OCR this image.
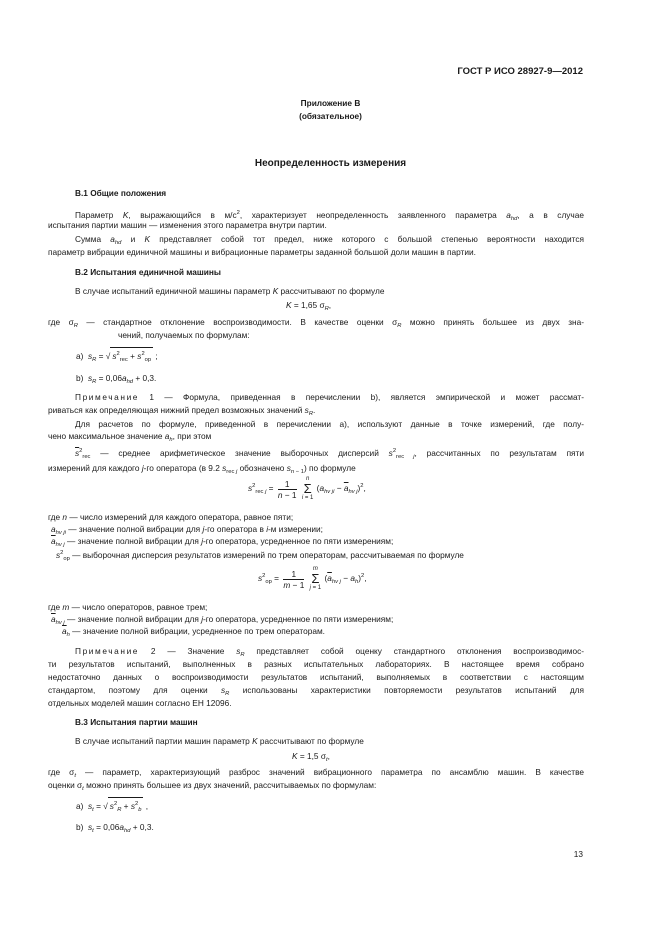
ГОСТ Р ИСО 28927-9—2012
Приложение В
(обязательное)
Неопределенность измерения
В.1 Общие положения
Параметр K, выражающийся в $м/с^2$, характеризует неопределенность заявленного параметра $a_{hd}$, а в случае
испытания партии машин — изменения этого параметра внутри партии.
Сумма $a_{hd}$ и K представляет собой тот предел, ниже которого с большой степенью вероятности находится
параметр вибрации единичной машины и вибрационные параметры заданной большой доли машин в партии.
В.2 Испытания единичной машины
В случае испытаний единичной машины параметр K рассчитывают по формуле
K = 1,65 $\sigma_R$,
где $\sigma_R$ — стандартное отклонение воспроизводимости. В качестве оценки $\sigma_R$ можно принять большее из двух зна-
чений, получаемых по формулам:
а)  $s_R$ = √ $s^2_{rec} + s^2_{op}$ ;
b)  $s_R = 0,06a_{hd} + 0,3$.
Примечание 1 — Формула, приведенная в перечислении b), является эмпирической и может рассмат-
риваться как определяющая нижний предел возможных значений $s_R$.
Для расчетов по формуле, приведенной в перечислении а), используют данные в точке измерений, где полу-
чено максимальное значение $a_h$, при этом
$\overline{s}^2_{rec}$ — среднее арифметическое значение выборочных дисперсий $s^2_{rec j}$, рассчитанных по результатам пяти
измерений для каждого j-го оператора (в 9.2 $s_{rec j}$ обозначено $s_{n - 1}$) по формуле
$s^2_{rec j} = \frac{1}{n - 1}$ n
Σ
i = 1 $(a_{hv ji} - \overline{a}_{hv j})^2$,
где n — число измерений для каждого оператора, равное пяти;
$a_{hv ji}$ — значение полной вибрации для j-го оператора в i-м измерении;
$\overline{a}_{hv j}$ — значение полной вибрации для j-го оператора, усредненное по пяти измерениям;
$s^2_{op}$ — выборочная дисперсия результатов измерений по трем операторам, рассчитываемая по формуле
$s^2_{op} = \frac{1}{m - 1}$ m
Σ
j = 1 $(\overline{a}_{hv j} - a_h)^2$,
где m — число операторов, равное трем;
$\overline{a}_{hv j}$ — значение полной вибрации для j-го оператора, усредненное по пяти измерениям;
$\overline{a}_h$ — значение полной вибрации, усредненное по трем операторам.
Примечание 2 — Значение $s_R$ представляет собой оценку стандартного отклонения воспроизводимос-
ти результатов испытаний, выполненных в разных испытательных лабораториях. В настоящее время собрано
недостаточно данных о воспроизводимости результатов испытаний, выполняемых в соответствии с настоящим
стандартом, поэтому для оценки $s_R$ использованы характеристики повторяемости результатов испытаний для
отдельных моделей машин согласно ЕН 12096.
В.3 Испытания партии машин
В случае испытаний партии машин параметр K рассчитывают по формуле
K = 1,5 $\sigma_t$,
где $\sigma_t$ — параметр, характеризующий разброс значений вибрационного параметра по ансамблю машин. В качестве
оценки $\sigma_t$ можно принять большее из двух значений, рассчитываемых по формулам:
а)  $s_t$ = √ $s^2_R + s^2_b$ ,
b)  $s_t = 0,06a_{hd} + 0,3$.
13
